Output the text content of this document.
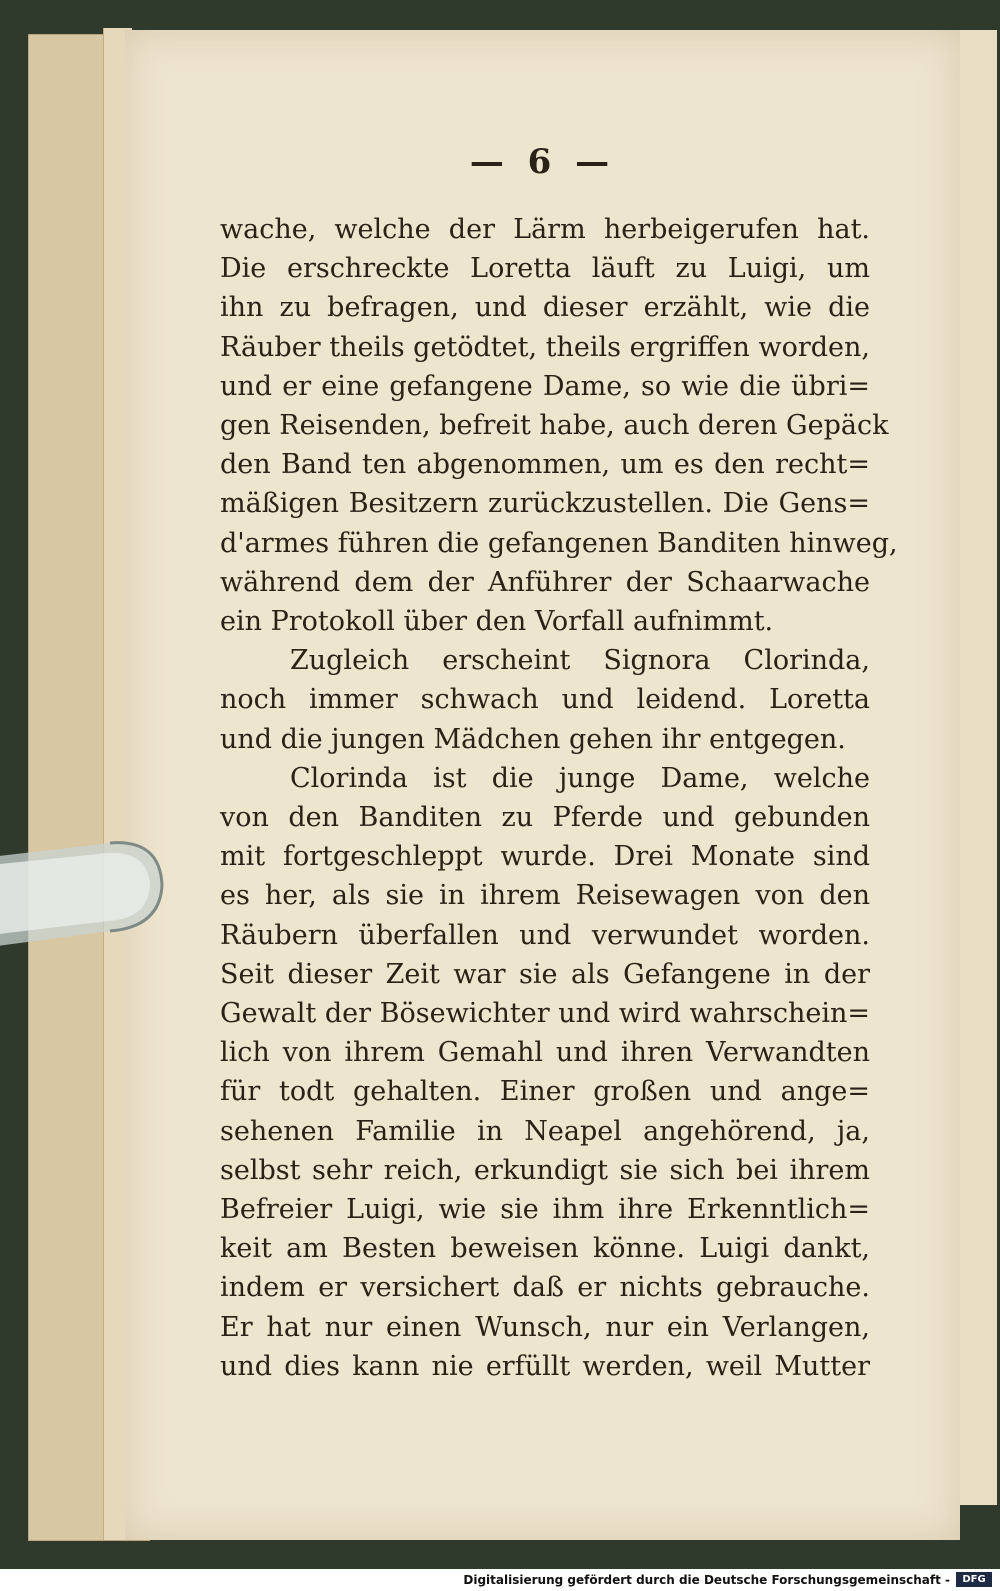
— 6 —
wache, welche der Lärm herbeigerufen hat.
Die erschreckte Loretta läuft zu Luigi, um
ihn zu befragen, und dieser erzählt, wie die
Räuber theils getödtet, theils ergriffen worden,
und er eine gefangene Dame, so wie die übri=
gen Reisenden, befreit habe, auch deren Gepäck
den Band ten abgenommen, um es den recht=
mäßigen Besitzern zurückzustellen. Die Gens=
d'armes führen die gefangenen Banditen hinweg,
während dem der Anführer der Schaarwache
ein Protokoll über den Vorfall aufnimmt.
Zugleich erscheint Signora Clorinda,
noch immer schwach und leidend. Loretta
und die jungen Mädchen gehen ihr entgegen.
Clorinda ist die junge Dame, welche
von den Banditen zu Pferde und gebunden
mit fortgeschleppt wurde. Drei Monate sind
es her, als sie in ihrem Reisewagen von den
Räubern überfallen und verwundet worden.
Seit dieser Zeit war sie als Gefangene in der
Gewalt der Bösewichter und wird wahrschein=
lich von ihrem Gemahl und ihren Verwandten
für todt gehalten. Einer großen und ange=
sehenen Familie in Neapel angehörend, ja,
selbst sehr reich, erkundigt sie sich bei ihrem
Befreier Luigi, wie sie ihm ihre Erkenntlich=
keit am Besten beweisen könne. Luigi dankt,
indem er versichert daß er nichts gebrauche.
Er hat nur einen Wunsch, nur ein Verlangen,
und dies kann nie erfüllt werden, weil Mutter
Digitalisierung gefördert durch die Deutsche Forschungsgemeinschaft -	DFG
